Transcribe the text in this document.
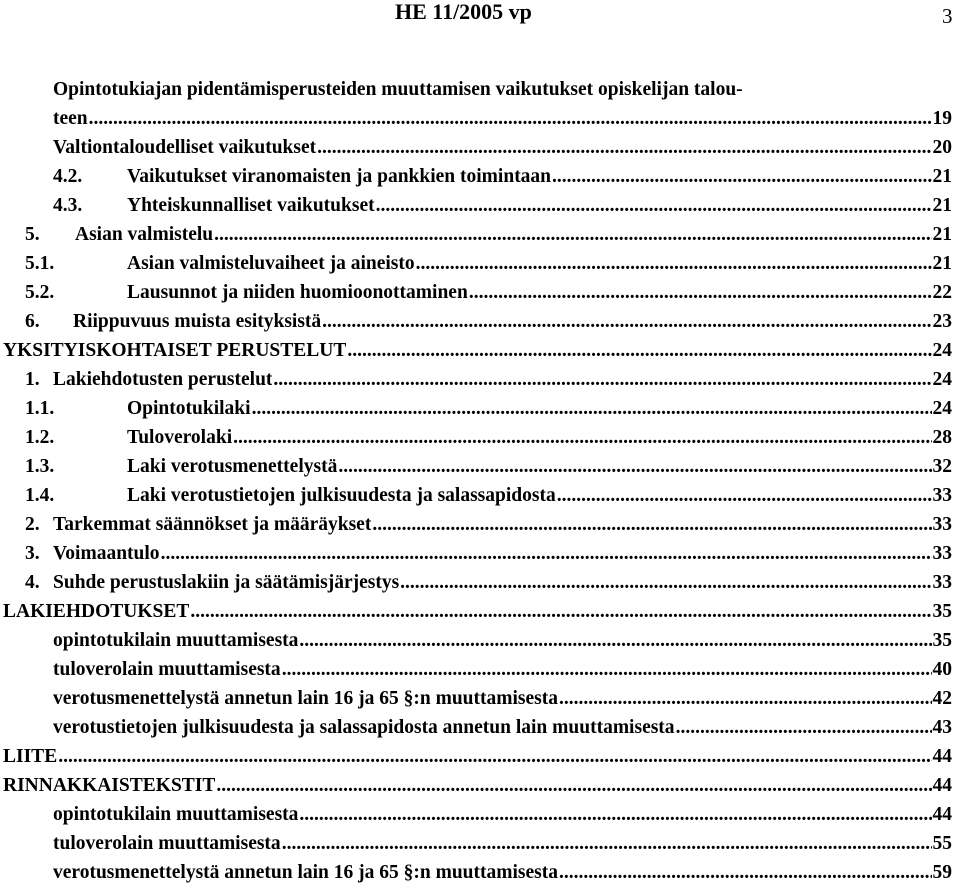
HE 11/2005 vp	3
Opintotukiajan pidentämisperusteiden muuttamisen vaikutukset opiskelijan talou-
teen .....	19
Valtiontaloudelliset vaikutukset .....	20
4.2.	Vaikutukset viranomaisten ja pankkien toimintaan .....	21
4.3.	Yhteiskunnalliset vaikutukset .....	21
5.	Asian valmistelu .....	21
5.1.	Asian valmisteluvaiheet ja aineisto .....	21
5.2.	Lausunnot ja niiden huomioonottaminen .....	22
6.	Riippuvuus muista esityksistä .....	23
YKSITYISKOHTAISET PERUSTELUT .....	24
1. Lakiehdotusten perustelut .....	24
1.1.	Opintotukilaki .....	24
1.2.	Tuloverolaki .....	28
1.3.	Laki verotusmenettelystä .....	32
1.4.	Laki verotustietojen julkisuudesta ja salassapidosta .....	33
2. Tarkemmat säännökset ja määräykset .....	33
3. Voimaantulo .....	33
4. Suhde perustuslakiin ja säätämisjärjestys .....	33
LAKIEHDOTUKSET .....	35
opintotukilain muuttamisesta .....	35
tuloverolain muuttamisesta .....	40
verotusmenettelystä annetun lain 16 ja 65 §:n muuttamisesta .....	42
verotustietojen julkisuudesta ja salassapidosta annetun lain muuttamisesta .....	43
LIITE .....	44
RINNAKKAISTEKSTIT .....	44
opintotukilain muuttamisesta .....	44
tuloverolain muuttamisesta .....	55
verotusmenettelystä annetun lain 16 ja 65 §:n muuttamisesta .....	59
